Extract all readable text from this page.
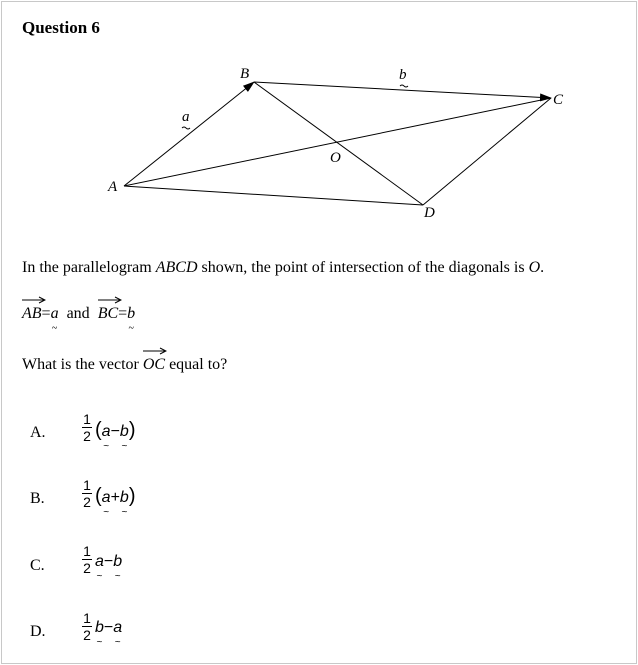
Question 6
A
B
C
D
O
a
b
In the parallelogram ABCD shown, the point of intersection of the diagonals is O.
AB=a ~ and BC=b ~
What is the vector OC equal to?
A.
1
2 (a ~−b ~)
B.
1
2 (a ~+b ~)
C.
1
2 a ~−b ~
D.
1
2 b ~−a ~
